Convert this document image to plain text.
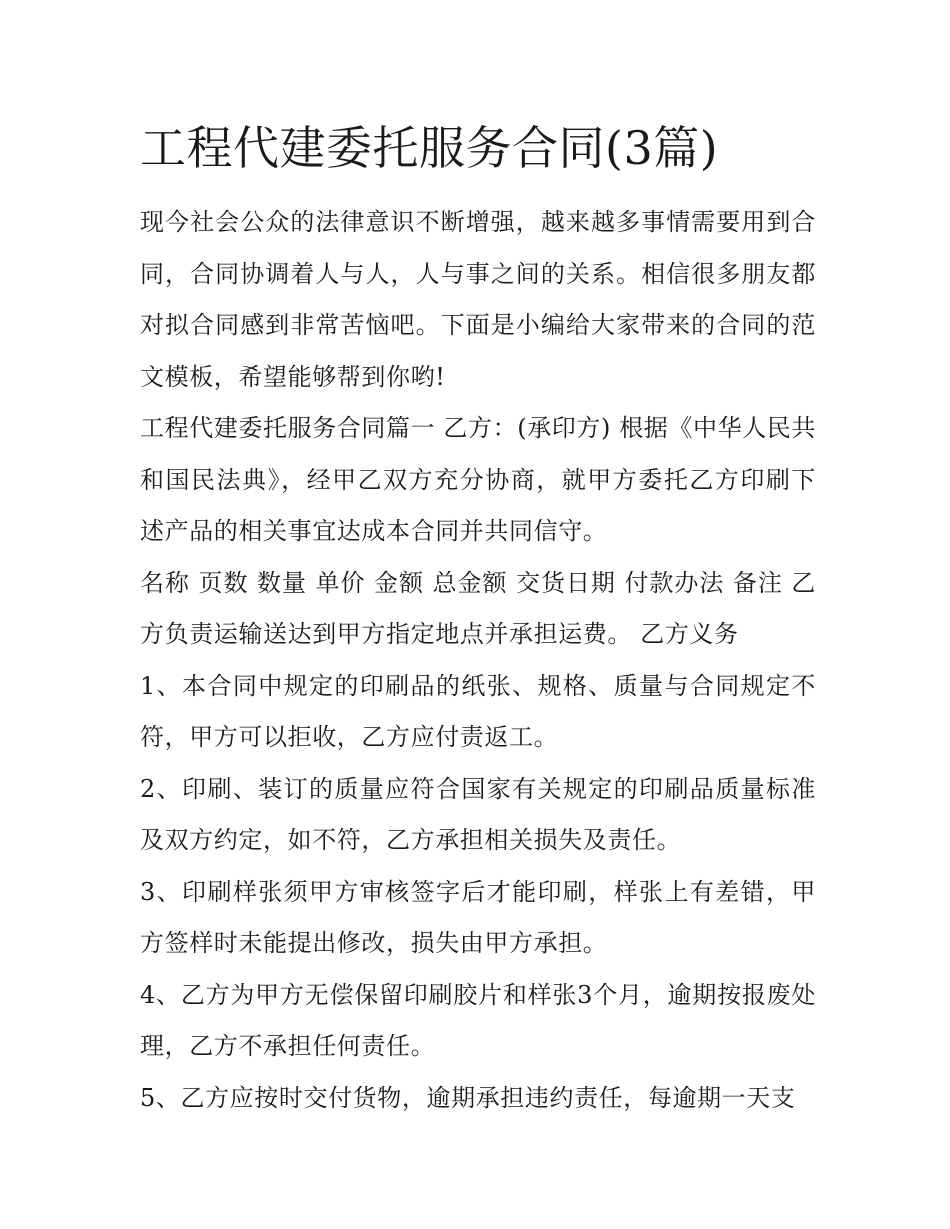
工程代建委托服务合同(3篇)

现今社会公众的法律意识不断增强，越来越多事情需要用到合同，合同协调着人与人，人与事之间的关系。相信很多朋友都对拟合同感到非常苦恼吧。下面是小编给大家带来的合同的范文模板，希望能够帮到你哟!

工程代建委托服务合同篇一 乙方：(承印方) 根据《中华人民共和国民法典》，经甲乙双方充分协商，就甲方委托乙方印刷下述产品的相关事宜达成本合同并共同信守。

名称 页数 数量 单价 金额 总金额 交货日期 付款办法 备注 乙方负责运输送达到甲方指定地点并承担运费。 乙方义务

1、本合同中规定的印刷品的纸张、规格、质量与合同规定不符，甲方可以拒收，乙方应付责返工。

2、印刷、装订的质量应符合国家有关规定的印刷品质量标准及双方约定，如不符，乙方承担相关损失及责任。

3、印刷样张须甲方审核签字后才能印刷，样张上有差错，甲方签样时未能提出修改，损失由甲方承担。

4、乙方为甲方无偿保留印刷胶片和样张3个月，逾期按报废处理，乙方不承担任何责任。

5、乙方应按时交付货物，逾期承担违约责任，每逾期一天支
